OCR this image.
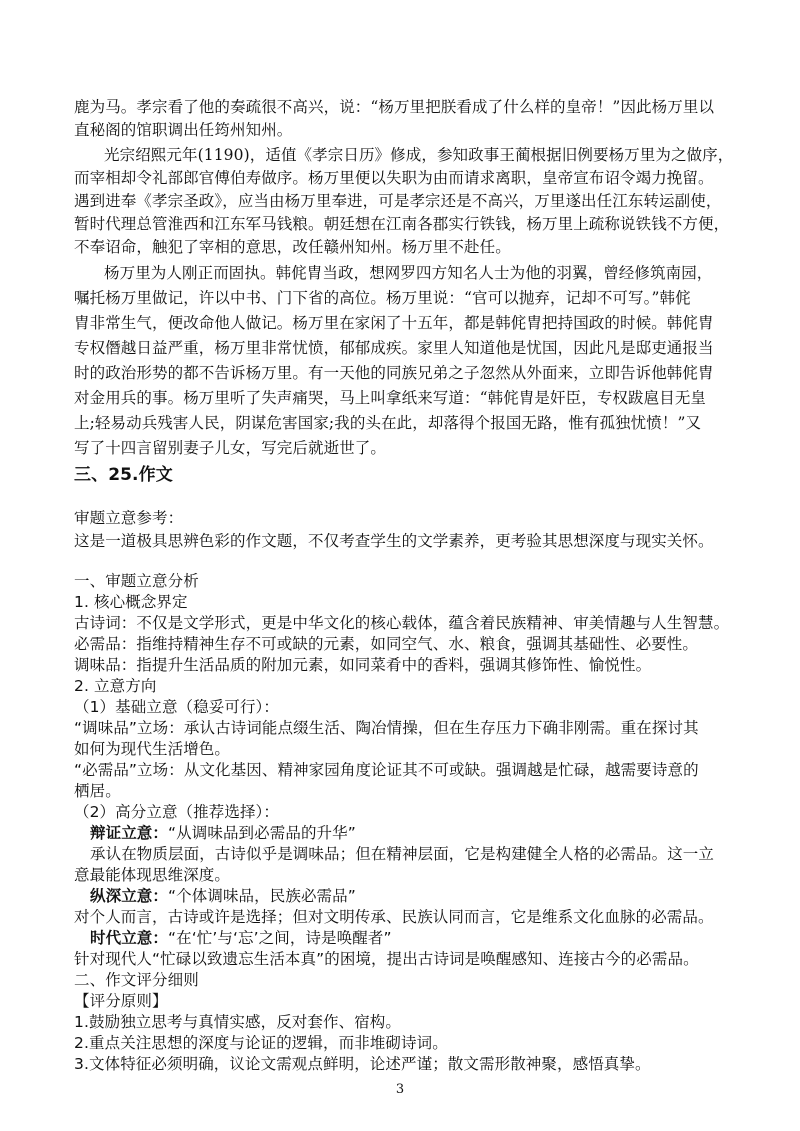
鹿为马。孝宗看了他的奏疏很不高兴，说：“杨万里把朕看成了什么样的皇帝！”因此杨万里以
直秘阁的馆职调出任筠州知州。
光宗绍熙元年(1190)，适值《孝宗日历》修成，参知政事王蔺根据旧例要杨万里为之做序，
而宰相却令礼部郎官傅伯寿做序。杨万里便以失职为由而请求离职，皇帝宣布诏令竭力挽留。
遇到进奉《孝宗圣政》，应当由杨万里奉进，可是孝宗还是不高兴，万里遂出任江东转运副使，
暂时代理总管淮西和江东军马钱粮。朝廷想在江南各郡实行铁钱，杨万里上疏称说铁钱不方便，
不奉诏命，触犯了宰相的意思，改任赣州知州。杨万里不赴任。
杨万里为人刚正而固执。韩侂胄当政，想网罗四方知名人士为他的羽翼，曾经修筑南园，
嘱托杨万里做记，许以中书、门下省的高位。杨万里说：“官可以抛弃，记却不可写。”韩侂
胄非常生气，便改命他人做记。杨万里在家闲了十五年，都是韩侂胄把持国政的时候。韩侂胄
专权僭越日益严重，杨万里非常忧愤，郁郁成疾。家里人知道他是忧国，因此凡是邸吏通报当
时的政治形势的都不告诉杨万里。有一天他的同族兄弟之子忽然从外面来，立即告诉他韩侂胄
对金用兵的事。杨万里听了失声痛哭，马上叫拿纸来写道：“韩侂胄是奸臣，专权跋扈目无皇
上;轻易动兵残害人民，阴谋危害国家;我的头在此，却落得个报国无路，惟有孤独忧愤！”又
写了十四言留别妻子儿女，写完后就逝世了。
三、25.作文
审题立意参考：
这是一道极具思辨色彩的作文题，不仅考查学生的文学素养，更考验其思想深度与现实关怀。
一、审题立意分析
1. 核心概念界定
古诗词：不仅是文学形式，更是中华文化的核心载体，蕴含着民族精神、审美情趣与人生智慧。
必需品：指维持精神生存不可或缺的元素，如同空气、水、粮食，强调其基础性、必要性。
调味品：指提升生活品质的附加元素，如同菜肴中的香料，强调其修饰性、愉悦性。
2. 立意方向
（1）基础立意（稳妥可行）：
“调味品”立场：承认古诗词能点缀生活、陶冶情操，但在生存压力下确非刚需。重在探讨其
如何为现代生活增色。
“必需品”立场：从文化基因、精神家园角度论证其不可或缺。强调越是忙碌，越需要诗意的
栖居。
（2）高分立意（推荐选择）：
辩证立意：“从调味品到必需品的升华”
承认在物质层面，古诗似乎是调味品；但在精神层面，它是构建健全人格的必需品。这一立
意最能体现思维深度。
纵深立意：“个体调味品，民族必需品”
对个人而言，古诗或许是选择；但对文明传承、民族认同而言，它是维系文化血脉的必需品。
时代立意：“在‘忙’与‘忘’之间，诗是唤醒者”
针对现代人“忙碌以致遗忘生活本真”的困境，提出古诗词是唤醒感知、连接古今的必需品。
二、作文评分细则
【评分原则】
1.鼓励独立思考与真情实感，反对套作、宿构。
2.重点关注思想的深度与论证的逻辑，而非堆砌诗词。
3.文体特征必须明确，议论文需观点鲜明，论述严谨；散文需形散神聚，感悟真挚。
3
